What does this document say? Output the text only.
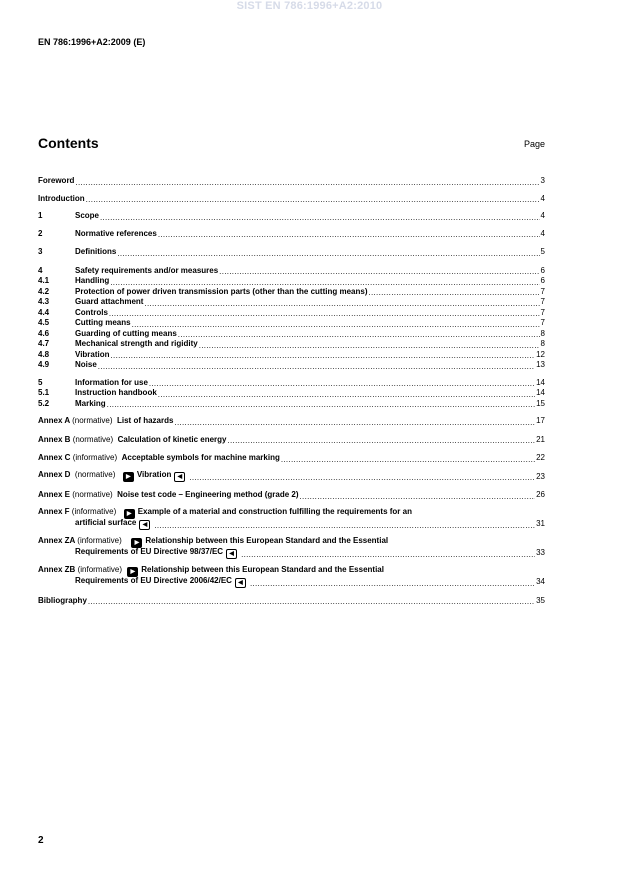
SIST EN 786:1996+A2:2010
EN 786:1996+A2:2009 (E)
Contents	Page
Foreword .....	3
Introduction .....	4
1	Scope .....	4
2	Normative references .....	4
3	Definitions .....	5
4	Safety requirements and/or measures .....	6
4.1	Handling .....	6
4.2	Protection of power driven transmission parts (other than the cutting means) .....	7
4.3	Guard attachment .....	7
4.4	Controls .....	7
4.5	Cutting means .....	7
4.6	Guarding of cutting means .....	8
4.7	Mechanical strength and rigidity .....	8
4.8	Vibration .....	12
4.9	Noise .....	13
5	Information for use .....	14
5.1	Instruction handbook .....	14
5.2	Marking .....	15
Annex A (normative) List of hazards .....	17
Annex B (normative) Calculation of kinetic energy .....	21
Annex C (informative) Acceptable symbols for machine marking .....	22
Annex D (normative) ▶ Vibration ◀ .....	23
Annex E (normative) Noise test code – Engineering method (grade 2) .....	26
Annex F (informative) ▶ Example of a material and construction fulfilling the requirements for an
artificial surface ◀ .....	31
Annex ZA (informative) ▶ Relationship between this European Standard and the Essential
Requirements of EU Directive 98/37/EC ◀ .....	33
Annex ZB (informative) ▶ Relationship between this European Standard and the Essential
Requirements of EU Directive 2006/42/EC ◀ .....	34
Bibliography .....	35
2
